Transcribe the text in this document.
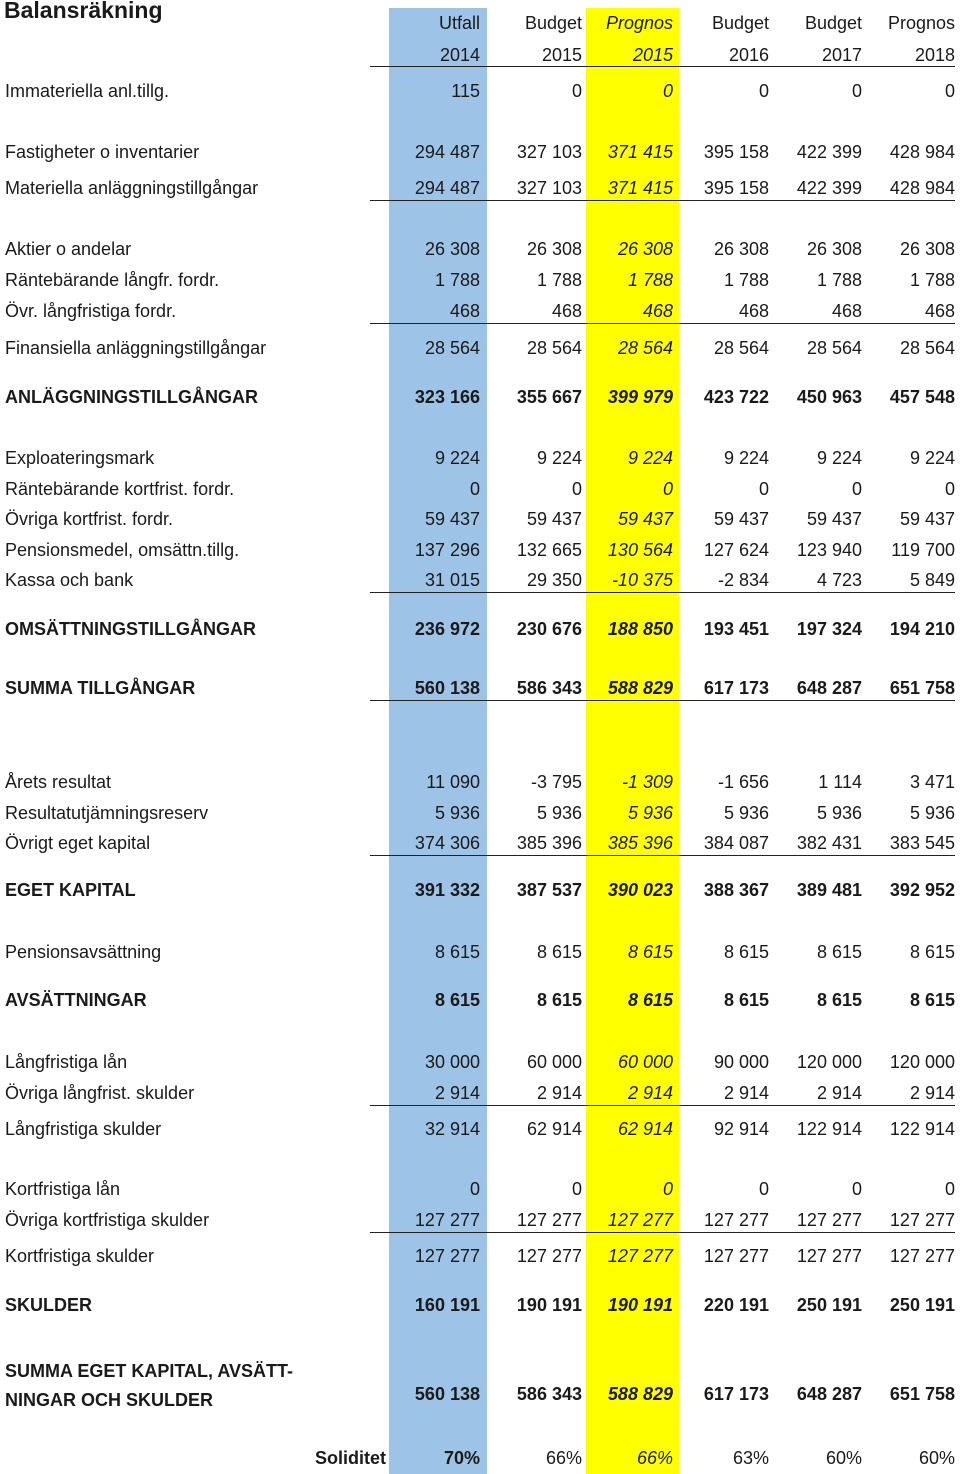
Balansräkning	Utfall	Budget	Prognos	Budget	Budget	Prognos
2014	2015	2015	2016	2017	2018
Immateriella anl.tillg.	115	0	0	0	0	0
Fastigheter o inventarier	294 487	327 103	371 415	395 158	422 399	428 984
Materiella anläggningstillgångar	294 487	327 103	371 415	395 158	422 399	428 984
Aktier o andelar	26 308	26 308	26 308	26 308	26 308	26 308
Räntebärande långfr. fordr.	1 788	1 788	1 788	1 788	1 788	1 788
Övr. långfristiga fordr.	468	468	468	468	468	468
Finansiella anläggningstillgångar	28 564	28 564	28 564	28 564	28 564	28 564
ANLÄGGNINGSTILLGÅNGAR	323 166	355 667	399 979	423 722	450 963	457 548
Exploateringsmark	9 224	9 224	9 224	9 224	9 224	9 224
Räntebärande kortfrist. fordr.	0	0	0	0	0	0
Övriga kortfrist. fordr.	59 437	59 437	59 437	59 437	59 437	59 437
Pensionsmedel, omsättn.tillg.	137 296	132 665	130 564	127 624	123 940	119 700
Kassa och bank	31 015	29 350	-10 375	-2 834	4 723	5 849
OMSÄTTNINGSTILLGÅNGAR	236 972	230 676	188 850	193 451	197 324	194 210
SUMMA TILLGÅNGAR	560 138	586 343	588 829	617 173	648 287	651 758
Årets resultat	11 090	-3 795	-1 309	-1 656	1 114	3 471
Resultatutjämningsreserv	5 936	5 936	5 936	5 936	5 936	5 936
Övrigt eget kapital	374 306	385 396	385 396	384 087	382 431	383 545
EGET KAPITAL	391 332	387 537	390 023	388 367	389 481	392 952
Pensionsavsättning	8 615	8 615	8 615	8 615	8 615	8 615
AVSÄTTNINGAR	8 615	8 615	8 615	8 615	8 615	8 615
Långfristiga lån	30 000	60 000	60 000	90 000	120 000	120 000
Övriga långfrist. skulder	2 914	2 914	2 914	2 914	2 914	2 914
Långfristiga skulder	32 914	62 914	62 914	92 914	122 914	122 914
Kortfristiga lån	0	0	0	0	0	0
Övriga kortfristiga skulder	127 277	127 277	127 277	127 277	127 277	127 277
Kortfristiga skulder	127 277	127 277	127 277	127 277	127 277	127 277
SKULDER	160 191	190 191	190 191	220 191	250 191	250 191
SUMMA EGET KAPITAL, AVSÄTT-
NINGAR OCH SKULDER	560 138	586 343	588 829	617 173	648 287	651 758
Soliditet	70%	66%	66%	63%	60%	60%
